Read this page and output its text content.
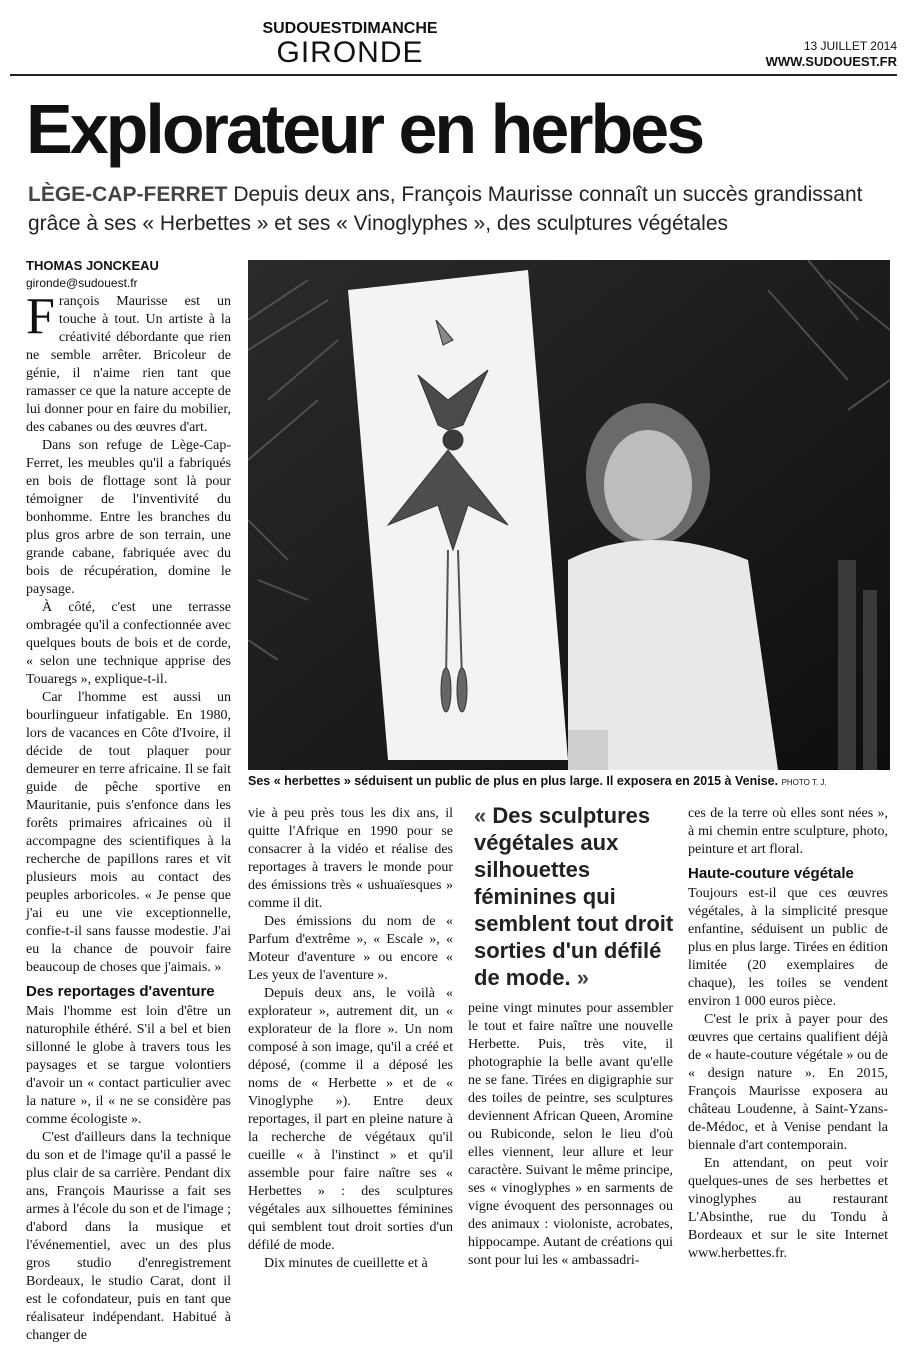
SUDOUESTDIMANCHE
GIRONDE	13 JUILLET 2014
WWW.SUDOUEST.FR
Explorateur en herbes
LÈGE-CAP-FERRET Depuis deux ans, François Maurisse connaît un succès grandissant grâce à ses « Herbettes » et ses « Vinoglyphes », des sculptures végétales
THOMAS JONCKEAU
gironde@sudouest.fr

François Maurisse est un touche à tout. Un artiste à la créativité débordante que rien ne semble arrêter. Bricoleur de génie, il n'aime rien tant que ramasser ce que la nature accepte de lui donner pour en faire du mobilier, des cabanes ou des œuvres d'art.

Dans son refuge de Lège-Cap-Ferret, les meubles qu'il a fabriqués en bois de flottage sont là pour témoigner de l'inventivité du bonhomme. Entre les branches du plus gros arbre de son terrain, une grande cabane, fabriquée avec du bois de récupération, domine le paysage.

À côté, c'est une terrasse ombragée qu'il a confectionnée avec quelques bouts de bois et de corde, « selon une technique apprise des Touaregs », explique-t-il.

Car l'homme est aussi un bourlingueur infatigable. En 1980, lors de vacances en Côte d'Ivoire, il décide de tout plaquer pour demeurer en terre africaine. Il se fait guide de pêche sportive en Mauritanie, puis s'enfonce dans les forêts primaires africaines où il accompagne des scientifiques à la recherche de papillons rares et vit plusieurs mois au contact des peuples arboricoles. « Je pense que j'ai eu une vie exceptionnelle, confie-t-il sans fausse modestie. J'ai eu la chance de pouvoir faire beaucoup de choses que j'aimais. »

Des reportages d'aventure

Mais l'homme est loin d'être un naturophile éthéré. S'il a bel et bien sillonné le globe à travers tous les paysages et se targue volontiers d'avoir un « contact particulier avec la nature », il « ne se considère pas comme écologiste ».

C'est d'ailleurs dans la technique du son et de l'image qu'il a passé le plus clair de sa carrière. Pendant dix ans, François Maurisse a fait ses armes à l'école du son et de l'image ; d'abord dans la musique et l'événementiel, avec un des plus gros studio d'enregistrement Bordeaux, le studio Carat, dont il est le cofondateur, puis en tant que réalisateur indépendant. Habitué à changer de

Ses « herbettes » séduisent un public de plus en plus large. Il exposera en 2015 à Venise. PHOTO T. J.

vie à peu près tous les dix ans, il quitte l'Afrique en 1990 pour se consacrer à la vidéo et réalise des reportages à travers le monde pour des émissions très « ushuaïesques » comme il dit.

Des émissions du nom de « Parfum d'extrême », « Escale », « Moteur d'aventure » ou encore « Les yeux de l'aventure ».

Depuis deux ans, le voilà « explorateur », autrement dit, un « explorateur de la flore ». Un nom composé à son image, qu'il a créé et déposé, (comme il a déposé les noms de « Herbette » et de « Vinoglyphe »). Entre deux reportages, il part en pleine nature à la recherche de végétaux qu'il cueille « à l'instinct » et qu'il assemble pour faire naître ses « Herbettes » : des sculptures végétales aux silhouettes féminines qui semblent tout droit sorties d'un défilé de mode.

Dix minutes de cueillette et à

« Des sculptures végétales aux silhouettes féminines qui semblent tout droit sorties d'un défilé de mode. »

peine vingt minutes pour assembler le tout et faire naître une nouvelle Herbette. Puis, très vite, il photographie la belle avant qu'elle ne se fane. Tirées en digigraphie sur des toiles de peintre, ses sculptures deviennent African Queen, Aromine ou Rubiconde, selon le lieu d'où elles viennent, leur allure et leur caractère. Suivant le même principe, ses « vinoglyphes » en sarments de vigne évoquent des personnages ou des animaux : violoniste, acrobates, hippocampe. Autant de créations qui sont pour lui les « ambassadri-

ces de la terre où elles sont nées », à mi chemin entre sculpture, photo, peinture et art floral.

Haute-couture végétale

Toujours est-il que ces œuvres végétales, à la simplicité presque enfantine, séduisent un public de plus en plus large. Tirées en édition limitée (20 exemplaires de chaque), les toiles se vendent environ 1 000 euros pièce.

C'est le prix à payer pour des œuvres que certains qualifient déjà de « haute-couture végétale » ou de « design nature ». En 2015, François Maurisse exposera au château Loudenne, à Saint-Yzans-de-Médoc, et à Venise pendant la biennale d'art contemporain.

En attendant, on peut voir quelques-unes de ses herbettes et vinoglyphes au restaurant L'Absinthe, rue du Tondu à Bordeaux et sur le site Internet www.herbettes.fr.
